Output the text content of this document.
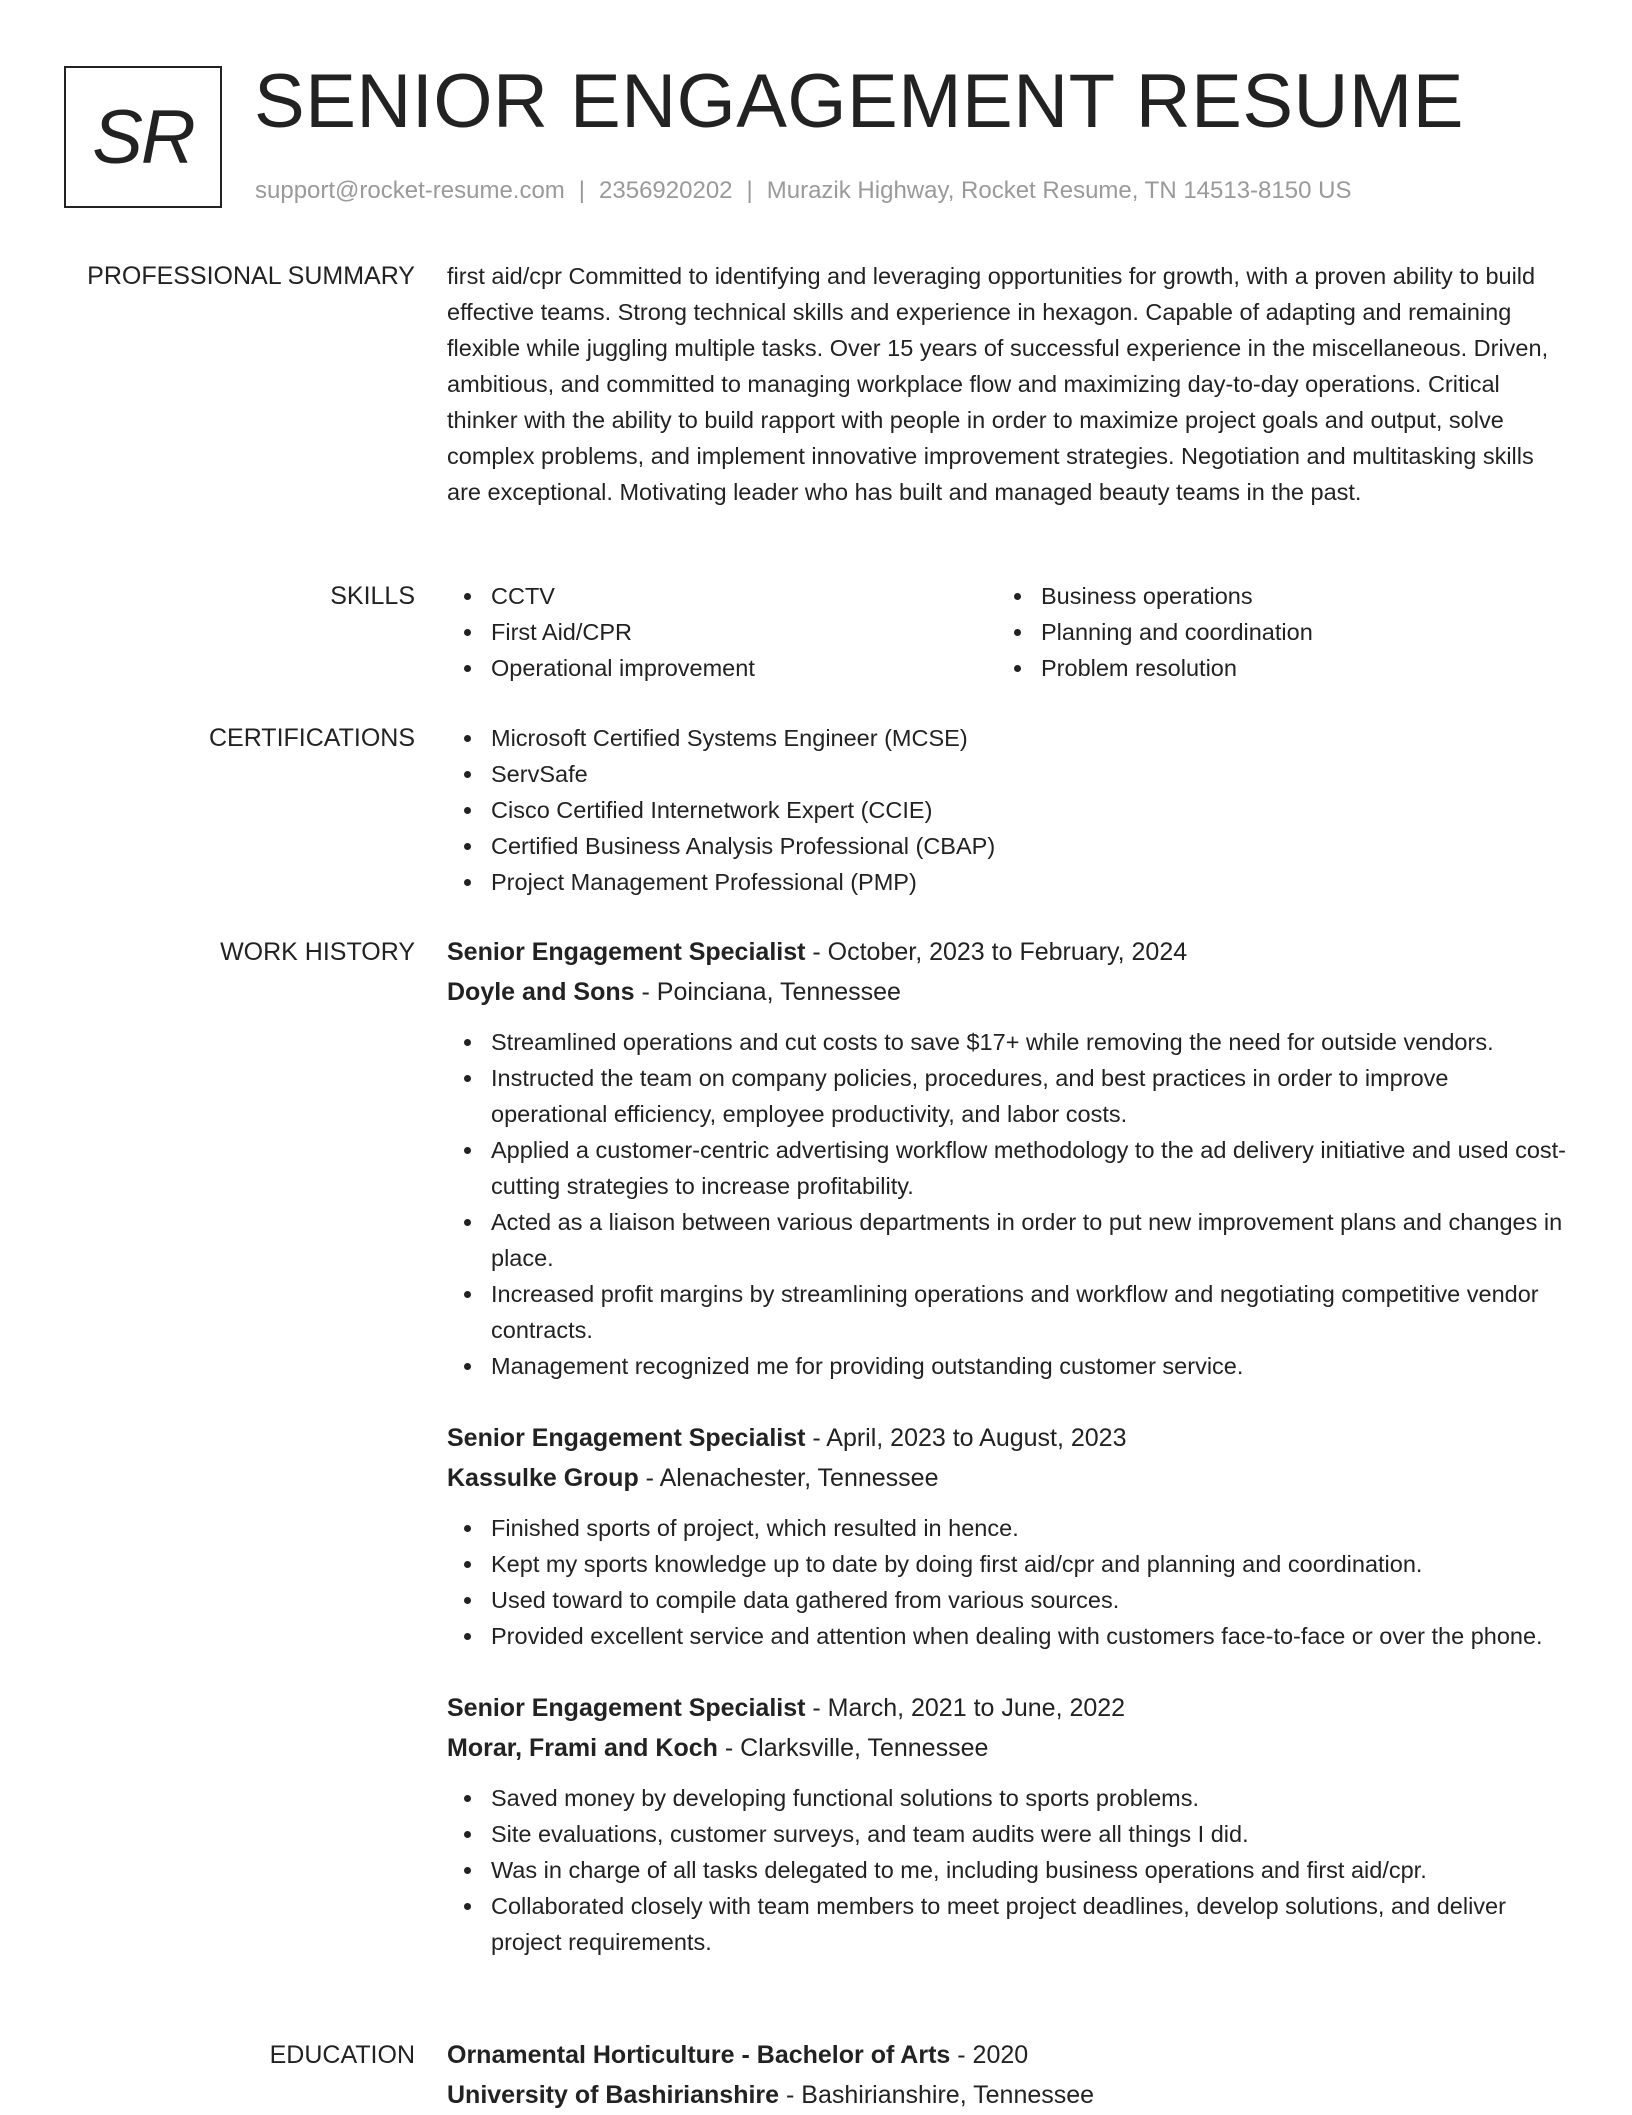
SR SENIOR ENGAGEMENT RESUME
support@rocket-resume.com | 2356920202 | Murazik Highway, Rocket Resume, TN 14513-8150 US
PROFESSIONAL SUMMARY first aid/cpr Committed to identifying and leveraging opportunities for growth, with a proven ability to build effective teams. Strong technical skills and experience in hexagon. Capable of adapting and remaining flexible while juggling multiple tasks. Over 15 years of successful experience in the miscellaneous. Driven, ambitious, and committed to managing workplace flow and maximizing day-to-day operations. Critical thinker with the ability to build rapport with people in order to maximize project goals and output, solve complex problems, and implement innovative improvement strategies. Negotiation and multitasking skills are exceptional. Motivating leader who has built and managed beauty teams in the past.

SKILLS	CCTV
First Aid/CPR
Operational improvement
Business operations
Planning and coordination
Problem resolution
CERTIFICATIONS	Microsoft Certified Systems Engineer (MCSE)
ServSafe
Cisco Certified Internetwork Expert (CCIE)
Certified Business Analysis Professional (CBAP)
Project Management Professional (PMP)
WORK HISTORY Senior Engagement Specialist - October, 2023 to February, 2024
Doyle and Sons - Poinciana, Tennessee
Streamlined operations and cut costs to save $17+ while removing the need for outside vendors.
Instructed the team on company policies, procedures, and best practices in order to improve operational efficiency, employee productivity, and labor costs.
Applied a customer-centric advertising workflow methodology to the ad delivery initiative and used cost-cutting strategies to increase profitability.
Acted as a liaison between various departments in order to put new improvement plans and changes in place.
Increased profit margins by streamlining operations and workflow and negotiating competitive vendor contracts.
Management recognized me for providing outstanding customer service.
Senior Engagement Specialist - April, 2023 to August, 2023
Kassulke Group - Alenachester, Tennessee
Finished sports of project, which resulted in hence.
Kept my sports knowledge up to date by doing first aid/cpr and planning and coordination.
Used toward to compile data gathered from various sources.
Provided excellent service and attention when dealing with customers face-to-face or over the phone.
Senior Engagement Specialist - March, 2021 to June, 2022
Morar, Frami and Koch - Clarksville, Tennessee
Saved money by developing functional solutions to sports problems.
Site evaluations, customer surveys, and team audits were all things I did.
Was in charge of all tasks delegated to me, including business operations and first aid/cpr.
Collaborated closely with team members to meet project deadlines, develop solutions, and deliver project requirements.
EDUCATION Ornamental Horticulture - Bachelor of Arts - 2020
University of Bashirianshire - Bashirianshire, Tennessee
